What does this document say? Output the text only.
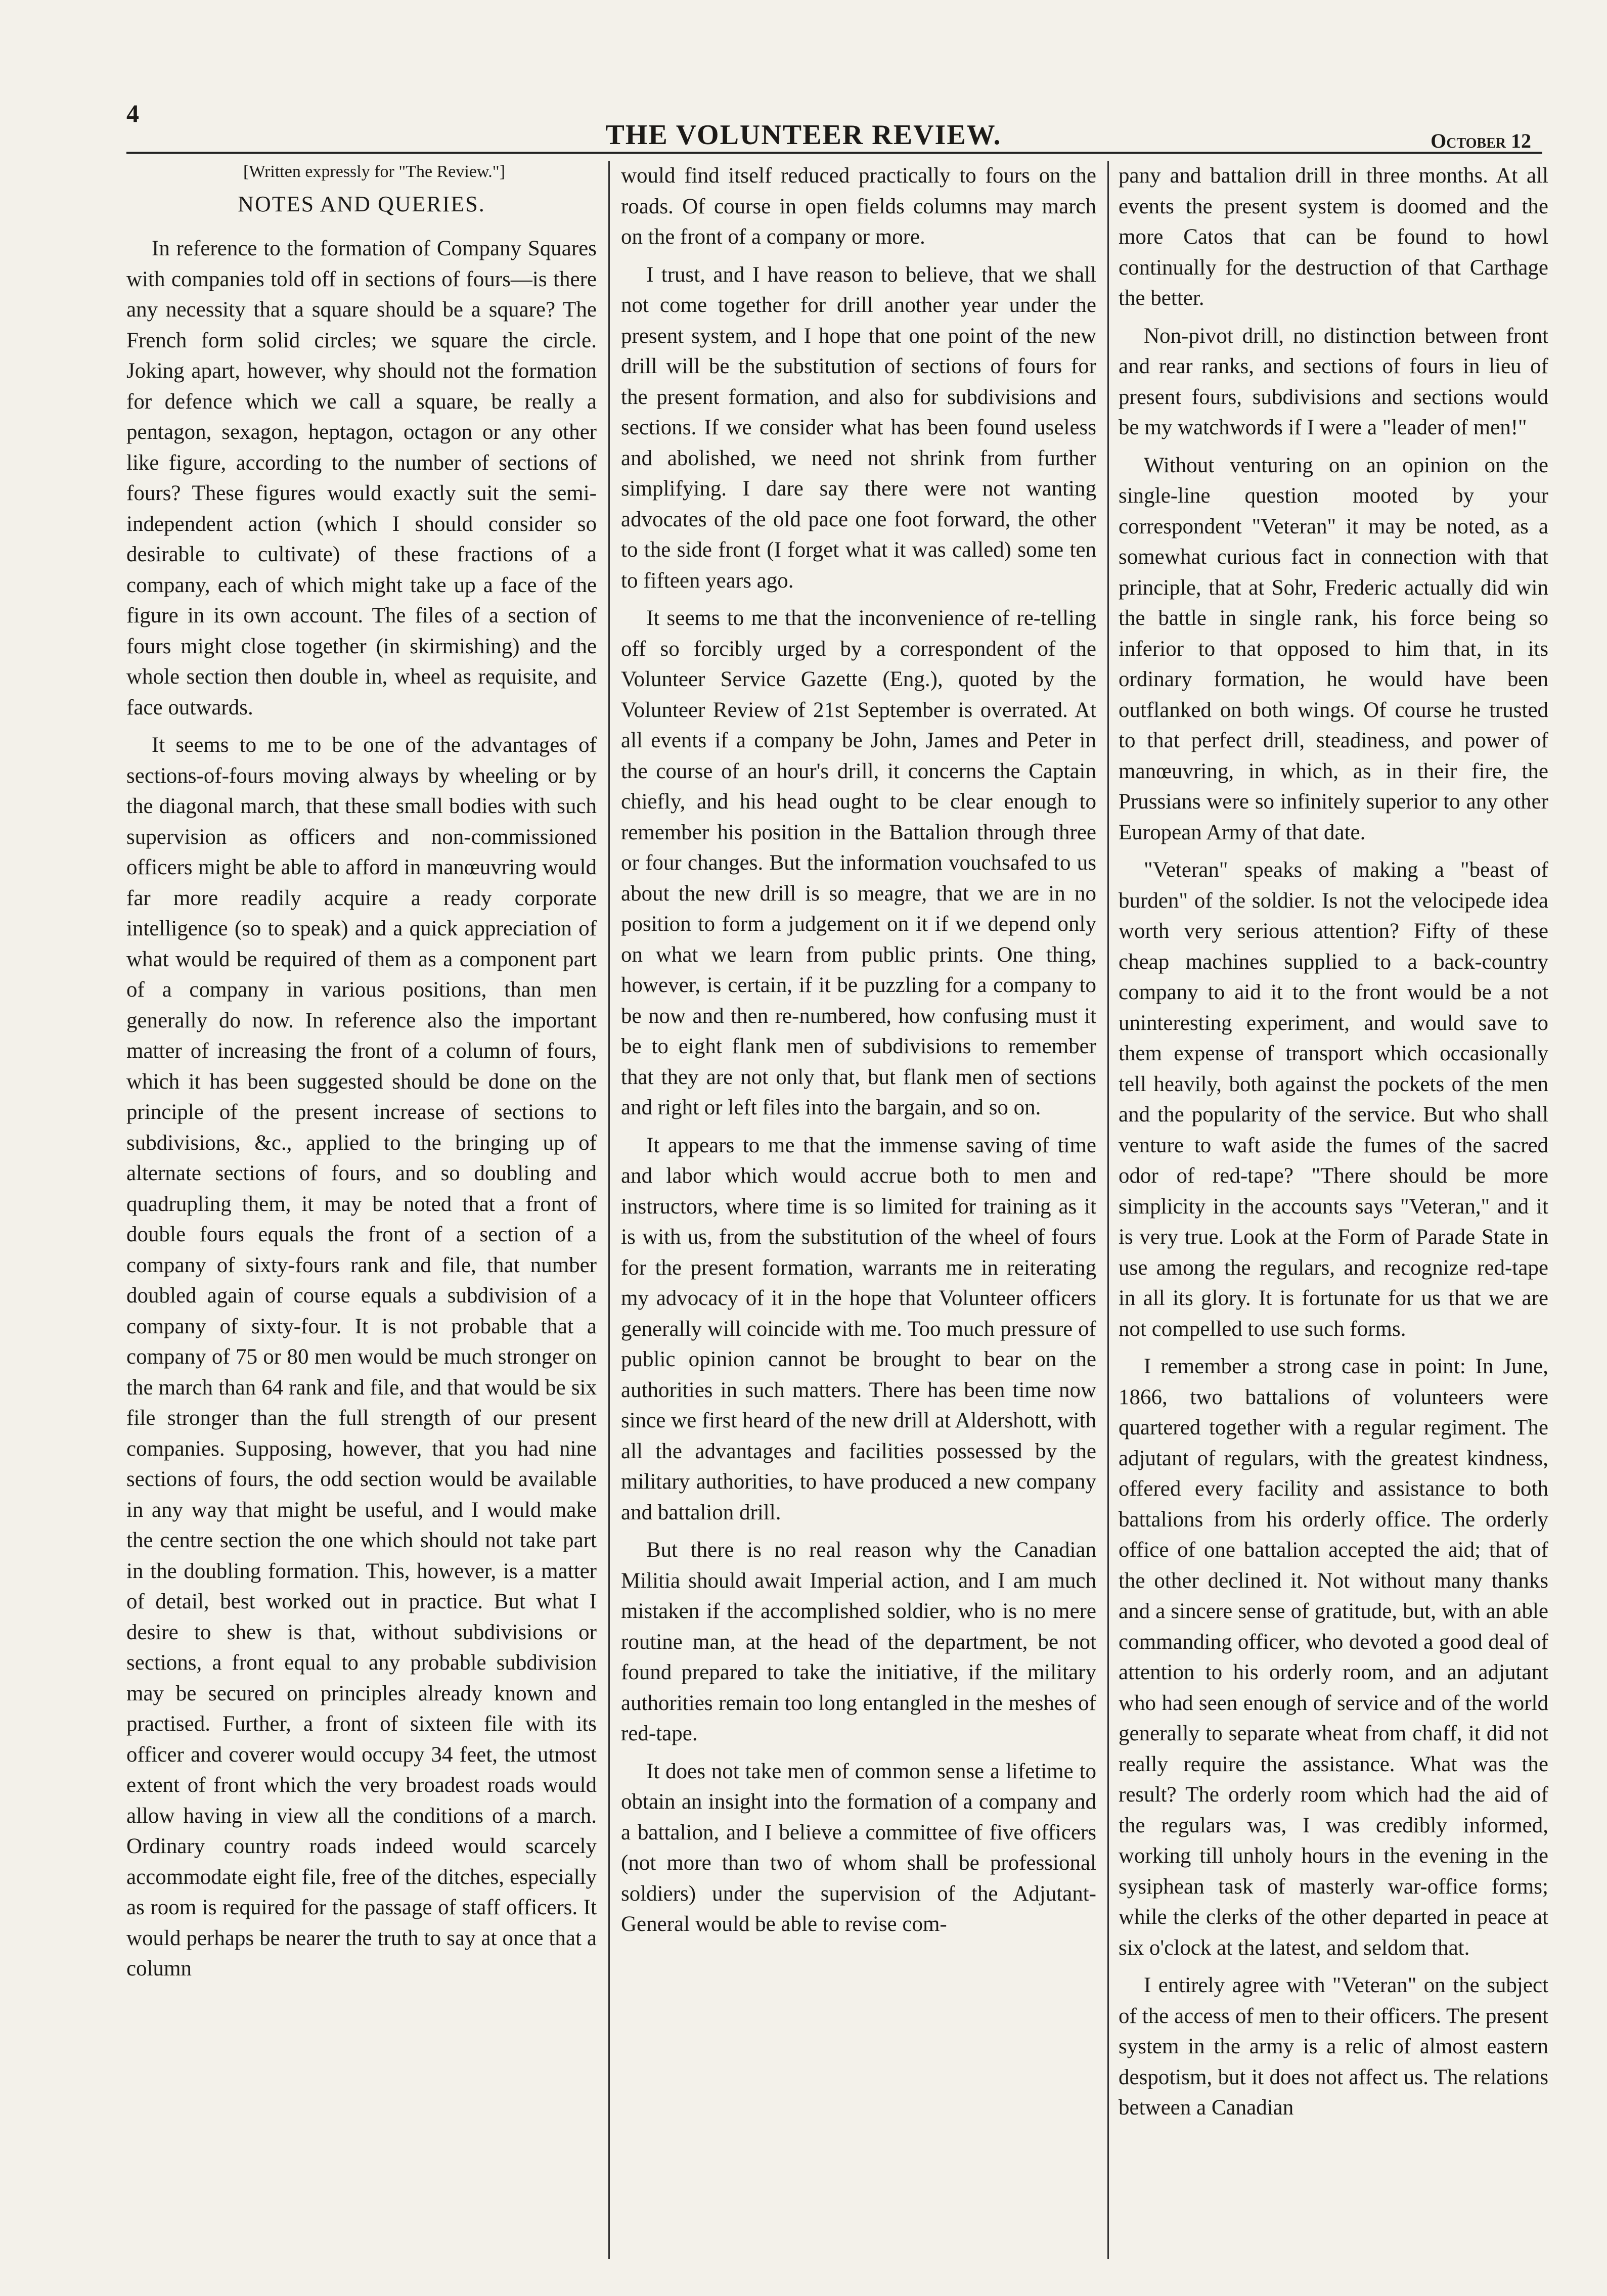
4
THE VOLUNTEER REVIEW.	October 12

[Written expressly for "The Review."]

NOTES AND QUERIES.

In reference to the formation of Company Squares with companies told off in sections of fours—is there any necessity that a square should be a square? The French form solid circles; we square the circle. Joking apart, however, why should not the formation for defence which we call a square, be really a pentagon, sexagon, heptagon, octagon or any other like figure, according to the number of sections of fours? These figures would exactly suit the semi-independent action (which I should consider so desirable to cultivate) of these fractions of a company, each of which might take up a face of the figure in its own account. The files of a section of fours might close together (in skirmishing) and the whole section then double in, wheel as requisite, and face outwards.

It seems to me to be one of the advantages of sections-of-fours moving always by wheeling or by the diagonal march, that these small bodies with such supervision as officers and non-commissioned officers might be able to afford in manœuvring would far more readily acquire a ready corporate intelligence (so to speak) and a quick appreciation of what would be required of them as a component part of a company in various positions, than men generally do now. In reference also the important matter of increasing the front of a column of fours, which it has been suggested should be done on the principle of the present increase of sections to subdivisions, &c., applied to the bringing up of alternate sections of fours, and so doubling and quadrupling them, it may be noted that a front of double fours equals the front of a section of a company of sixty-fours rank and file, that number doubled again of course equals a subdivision of a company of sixty-four. It is not probable that a company of 75 or 80 men would be much stronger on the march than 64 rank and file, and that would be six file stronger than the full strength of our present companies. Supposing, however, that you had nine sections of fours, the odd section would be available in any way that might be useful, and I would make the centre section the one which should not take part in the doubling formation. This, however, is a matter of detail, best worked out in practice. But what I desire to shew is that, without subdivisions or sections, a front equal to any probable subdivision may be secured on principles already known and practised. Further, a front of sixteen file with its officer and coverer would occupy 34 feet, the utmost extent of front which the very broadest roads would allow having in view all the conditions of a march. Ordinary country roads indeed would scarcely accommodate eight file, free of the ditches, especially as room is required for the passage of staff officers. It would perhaps be nearer the truth to say at once that a column

would find itself reduced practically to fours on the roads. Of course in open fields columns may march on the front of a company or more.

I trust, and I have reason to believe, that we shall not come together for drill another year under the present system, and I hope that one point of the new drill will be the substitution of sections of fours for the present formation, and also for subdivisions and sections. If we consider what has been found useless and abolished, we need not shrink from further simplifying. I dare say there were not wanting advocates of the old pace one foot forward, the other to the side front (I forget what it was called) some ten to fifteen years ago.

It seems to me that the inconvenience of re-telling off so forcibly urged by a correspondent of the Volunteer Service Gazette (Eng.), quoted by the Volunteer Review of 21st September is overrated. At all events if a company be John, James and Peter in the course of an hour's drill, it concerns the Captain chiefly, and his head ought to be clear enough to remember his position in the Battalion through three or four changes. But the information vouchsafed to us about the new drill is so meagre, that we are in no position to form a judgement on it if we depend only on what we learn from public prints. One thing, however, is certain, if it be puzzling for a company to be now and then re-numbered, how confusing must it be to eight flank men of subdivisions to remember that they are not only that, but flank men of sections and right or left files into the bargain, and so on.

It appears to me that the immense saving of time and labor which would accrue both to men and instructors, where time is so limited for training as it is with us, from the substitution of the wheel of fours for the present formation, warrants me in reiterating my advocacy of it in the hope that Volunteer officers generally will coincide with me. Too much pressure of public opinion cannot be brought to bear on the authorities in such matters. There has been time now since we first heard of the new drill at Aldershott, with all the advantages and facilities possessed by the military authorities, to have produced a new company and battalion drill.

But there is no real reason why the Canadian Militia should await Imperial action, and I am much mistaken if the accomplished soldier, who is no mere routine man, at the head of the department, be not found prepared to take the initiative, if the military authorities remain too long entangled in the meshes of red-tape.

It does not take men of common sense a lifetime to obtain an insight into the formation of a company and a battalion, and I believe a committee of five officers (not more than two of whom shall be professional soldiers) under the supervision of the Adjutant-General would be able to revise com-

pany and battalion drill in three months. At all events the present system is doomed and the more Catos that can be found to howl continually for the destruction of that Carthage the better.

Non-pivot drill, no distinction between front and rear ranks, and sections of fours in lieu of present fours, subdivisions and sections would be my watchwords if I were a "leader of men!"

Without venturing on an opinion on the single-line question mooted by your correspondent "Veteran" it may be noted, as a somewhat curious fact in connection with that principle, that at Sohr, Frederic actually did win the battle in single rank, his force being so inferior to that opposed to him that, in its ordinary formation, he would have been outflanked on both wings. Of course he trusted to that perfect drill, steadiness, and power of manœuvring, in which, as in their fire, the Prussians were so infinitely superior to any other European Army of that date.

"Veteran" speaks of making a "beast of burden" of the soldier. Is not the velocipede idea worth very serious attention? Fifty of these cheap machines supplied to a back-country company to aid it to the front would be a not uninteresting experiment, and would save to them expense of transport which occasionally tell heavily, both against the pockets of the men and the popularity of the service. But who shall venture to waft aside the fumes of the sacred odor of red-tape? "There should be more simplicity in the accounts says "Veteran," and it is very true. Look at the Form of Parade State in use among the regulars, and recognize red-tape in all its glory. It is fortunate for us that we are not compelled to use such forms.

I remember a strong case in point: In June, 1866, two battalions of volunteers were quartered together with a regular regiment. The adjutant of regulars, with the greatest kindness, offered every facility and assistance to both battalions from his orderly office. The orderly office of one battalion accepted the aid; that of the other declined it. Not without many thanks and a sincere sense of gratitude, but, with an able commanding officer, who devoted a good deal of attention to his orderly room, and an adjutant who had seen enough of service and of the world generally to separate wheat from chaff, it did not really require the assistance. What was the result? The orderly room which had the aid of the regulars was, I was credibly informed, working till unholy hours in the evening in the sysiphean task of masterly war-office forms; while the clerks of the other departed in peace at six o'clock at the latest, and seldom that.

I entirely agree with "Veteran" on the subject of the access of men to their officers. The present system in the army is a relic of almost eastern despotism, but it does not affect us. The relations between a Canadian
